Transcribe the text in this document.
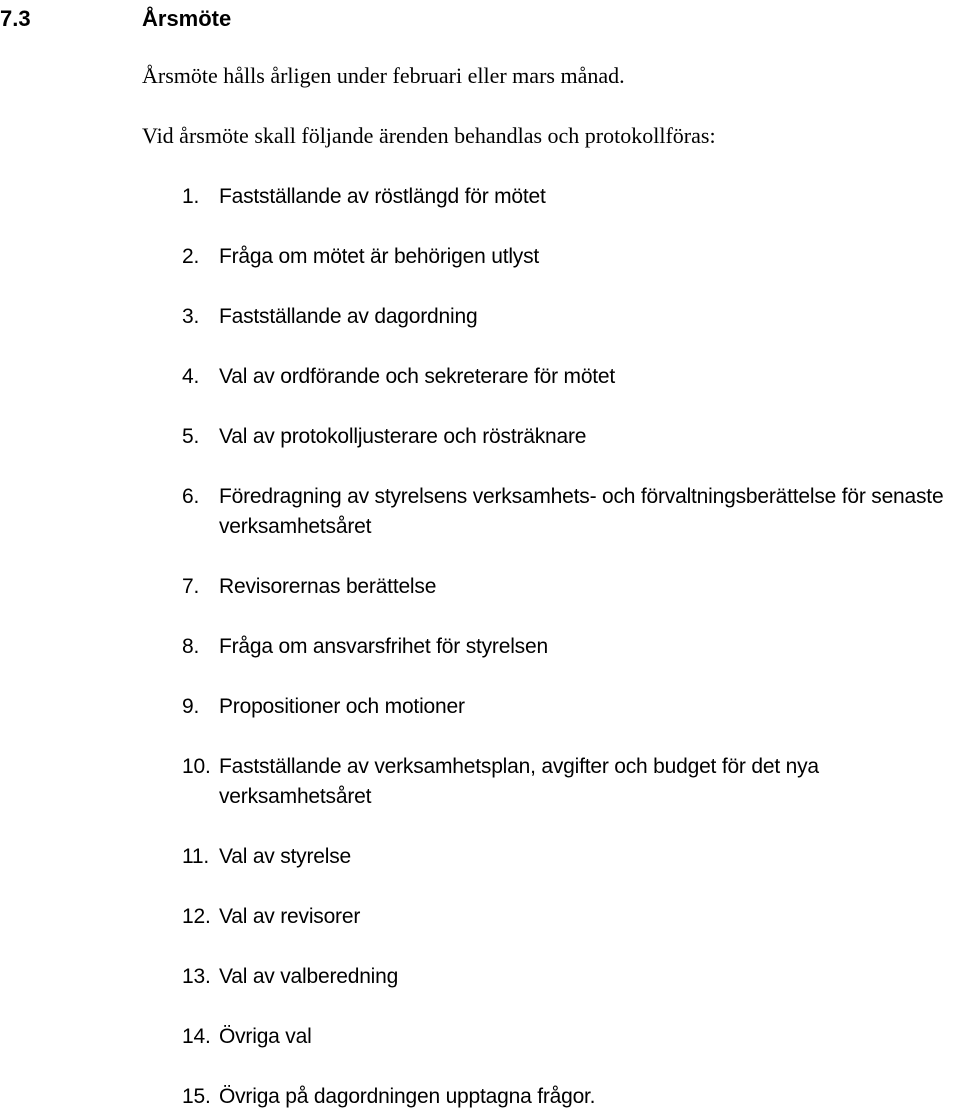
7.3	Årsmöte

Årsmöte hålls årligen under februari eller mars månad.

Vid årsmöte skall följande ärenden behandlas och protokollföras:

1. Fastställande av röstlängd för mötet
2. Fråga om mötet är behörigen utlyst
3. Fastställande av dagordning
4. Val av ordförande och sekreterare för mötet
5. Val av protokolljusterare och rösträknare
6. Föredragning av styrelsens verksamhets- och förvaltningsberättelse för senaste verksamhetsåret
7. Revisorernas berättelse
8. Fråga om ansvarsfrihet för styrelsen
9. Propositioner och motioner
10. Fastställande av verksamhetsplan, avgifter och budget för det nya verksamhetsåret
11. Val av styrelse
12. Val av revisorer
13. Val av valberedning
14. Övriga val
15. Övriga på dagordningen upptagna frågor.
